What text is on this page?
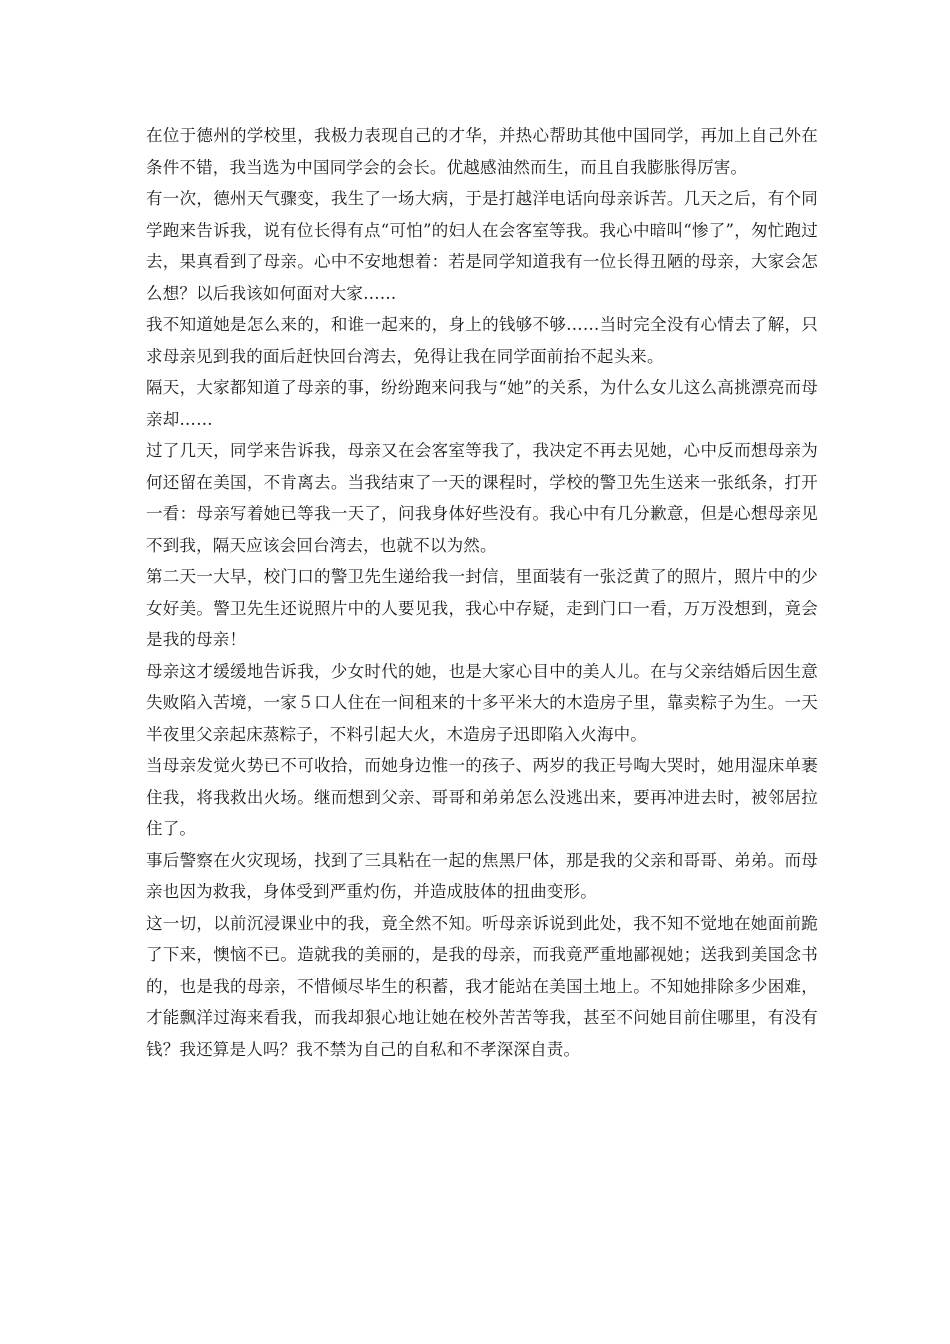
在位于德州的学校里，我极力表现自己的才华，并热心帮助其他中国同学，再加上自己外在条件不错，我当选为中国同学会的会长。优越感油然而生，而且自我膨胀得厉害。

有一次，德州天气骤变，我生了一场大病，于是打越洋电话向母亲诉苦。几天之后，有个同学跑来告诉我，说有位长得有点“可怕”的妇人在会客室等我。我心中暗叫“惨了”，匆忙跑过去，果真看到了母亲。心中不安地想着：若是同学知道我有一位长得丑陋的母亲，大家会怎么想？以后我该如何面对大家……

我不知道她是怎么来的，和谁一起来的，身上的钱够不够……当时完全没有心情去了解，只求母亲见到我的面后赶快回台湾去，免得让我在同学面前抬不起头来。

隔天，大家都知道了母亲的事，纷纷跑来问我与“她”的关系，为什么女儿这么高挑漂亮而母亲却……

过了几天，同学来告诉我，母亲又在会客室等我了，我决定不再去见她，心中反而想母亲为何还留在美国，不肯离去。当我结束了一天的课程时，学校的警卫先生送来一张纸条，打开一看：母亲写着她已等我一天了，问我身体好些没有。我心中有几分歉意，但是心想母亲见不到我，隔天应该会回台湾去，也就不以为然。

第二天一大早，校门口的警卫先生递给我一封信，里面装有一张泛黄了的照片，照片中的少女好美。警卫先生还说照片中的人要见我，我心中存疑，走到门口一看，万万没想到，竟会是我的母亲！

母亲这才缓缓地告诉我，少女时代的她，也是大家心目中的美人儿。在与父亲结婚后因生意失败陷入苦境，一家５口人住在一间租来的十多平米大的木造房子里，靠卖粽子为生。一天半夜里父亲起床蒸粽子，不料引起大火，木造房子迅即陷入火海中。

当母亲发觉火势已不可收拾，而她身边惟一的孩子、两岁的我正号啕大哭时，她用湿床单裹住我，将我救出火场。继而想到父亲、哥哥和弟弟怎么没逃出来，要再冲进去时，被邻居拉住了。

事后警察在火灾现场，找到了三具粘在一起的焦黑尸体，那是我的父亲和哥哥、弟弟。而母亲也因为救我，身体受到严重灼伤，并造成肢体的扭曲变形。

这一切，以前沉浸课业中的我，竟全然不知。听母亲诉说到此处，我不知不觉地在她面前跪了下来，懊恼不已。造就我的美丽的，是我的母亲，而我竟严重地鄙视她；送我到美国念书的，也是我的母亲，不惜倾尽毕生的积蓄，我才能站在美国土地上。不知她排除多少困难，才能飘洋过海来看我，而我却狠心地让她在校外苦苦等我，甚至不问她目前住哪里，有没有钱？我还算是人吗？我不禁为自己的自私和不孝深深自责。
